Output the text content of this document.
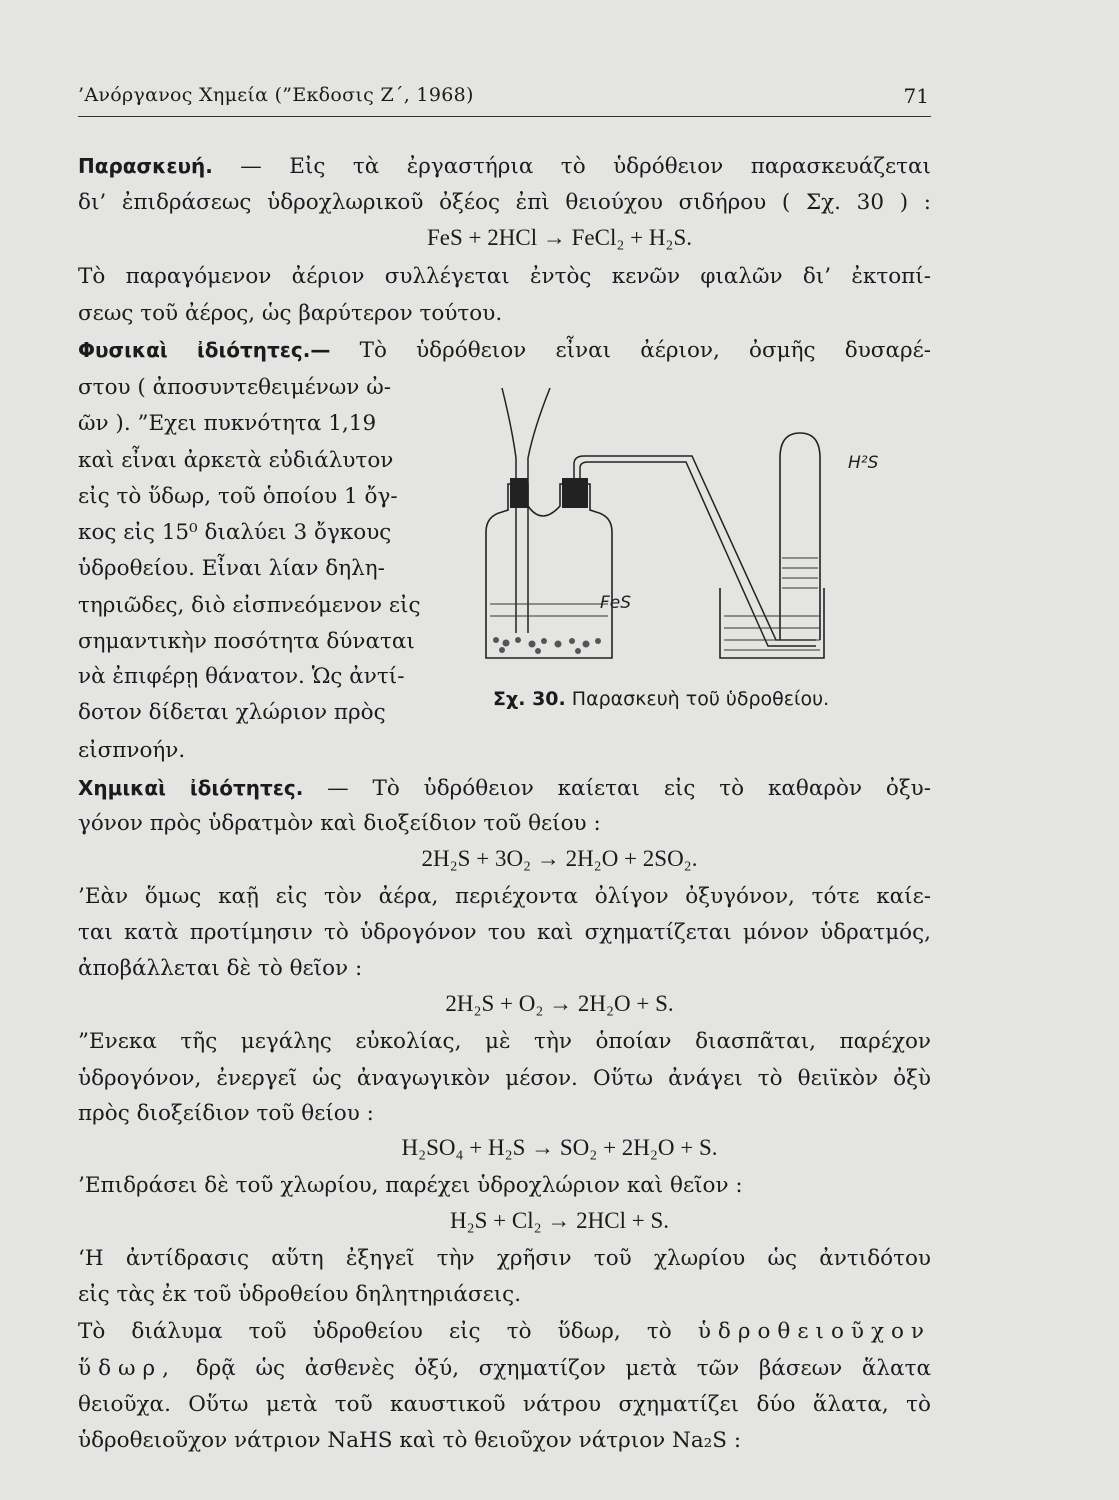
’Ανόργανος Χημεία (”Εκδοσις Ζ΄, 1968)	71
Παρασκευή. — Εἰς τὰ ἐργαστήρια τὸ ὑδρόθειον παρασκευάζεται
δι’ ἐπιδράσεως ὑδροχλωρικοῦ ὀξέος ἐπὶ θειούχου σιδήρου ( Σχ. 30 ) :
FeS + 2HCl → FeCl₂ + H₂S.
Τὸ παραγόμενον ἀέριον συλλέγεται ἐντὸς κενῶν φιαλῶν δι’ ἐκτοπί-
σεως τοῦ ἀέρος, ὡς βαρύτερον τούτου.
Φυσικαὶ ἰδιότητες.— Τὸ ὑδρόθειον εἶναι ἀέριον, ὀσμῆς δυσαρέ-
στου ( ἀποσυντεθειμένων ὠ-
ῶν ). ”Εχει πυκνότητα 1,19
καὶ εἶναι ἀρκετὰ εὐδιάλυτον
εἰς τὸ ὕδωρ, τοῦ ὁποίου 1 ὄγ-
κος εἰς 15⁰ διαλύει 3 ὄγκους
ὑδροθείου. Εἶναι λίαν δηλη-
τηριῶδες, διὸ εἰσπνεόμενον εἰς
σημαντικὴν ποσότητα δύναται
νὰ ἐπιφέρῃ θάνατον. Ὡς ἀντί-
δοτον δίδεται χλώριον πρὸς
εἰσπνοήν.
FeS
H²S
Σχ. 30. Παρασκευὴ τοῦ ὑδροθείου.
Χημικαὶ ἰδιότητες. — Τὸ ὑδρόθειον καίεται εἰς τὸ καθαρὸν ὀξυ-
γόνον πρὸς ὑδρατμὸν καὶ διοξείδιον τοῦ θείου :
2H₂S + 3O₂ → 2H₂O + 2SO₂.
’Εὰν ὅμως καῇ εἰς τὸν ἀέρα, περιέχοντα ὀλίγον ὀξυγόνον, τότε καίε-
ται κατὰ προτίμησιν τὸ ὑδρογόνον του καὶ σχηματίζεται μόνον ὑδρατμός,
ἀποβάλλεται δὲ τὸ θεῖον :
2H₂S + O₂ → 2H₂O + S.
”Ενεκα τῆς μεγάλης εὐκολίας, μὲ τὴν ὁποίαν διασπᾶται, παρέχον
ὑδρογόνον, ἐνεργεῖ ὡς ἀναγωγικὸν μέσον. Οὕτω ἀνάγει τὸ θειϊκὸν ὀξὺ
πρὸς διοξείδιον τοῦ θείου :
H₂SO₄ + H₂S → SO₂ + 2H₂O + S.
’Επιδράσει δὲ τοῦ χλωρίου, παρέχει ὑδροχλώριον καὶ θεῖον :
H₂S + Cl₂ → 2HCl + S.
‘Η ἀντίδρασις αὕτη ἐξηγεῖ τὴν χρῆσιν τοῦ χλωρίου ὡς ἀντιδότου
εἰς τὰς ἐκ τοῦ ὑδροθείου δηλητηριάσεις.
Τὸ διάλυμα τοῦ ὑδροθείου εἰς τὸ ὕδωρ, τὸ ὑδροθειοῦχον
ὕδωρ, δρᾷ ὡς ἀσθενὲς ὀξύ, σχηματίζον μετὰ τῶν βάσεων ἅλατα
θειοῦχα. Οὕτω μετὰ τοῦ καυστικοῦ νάτρου σχηματίζει δύο ἅλατα, τὸ
ὑδροθειοῦχον νάτριον NaHS καὶ τὸ θειοῦχον νάτριον Na₂S :
